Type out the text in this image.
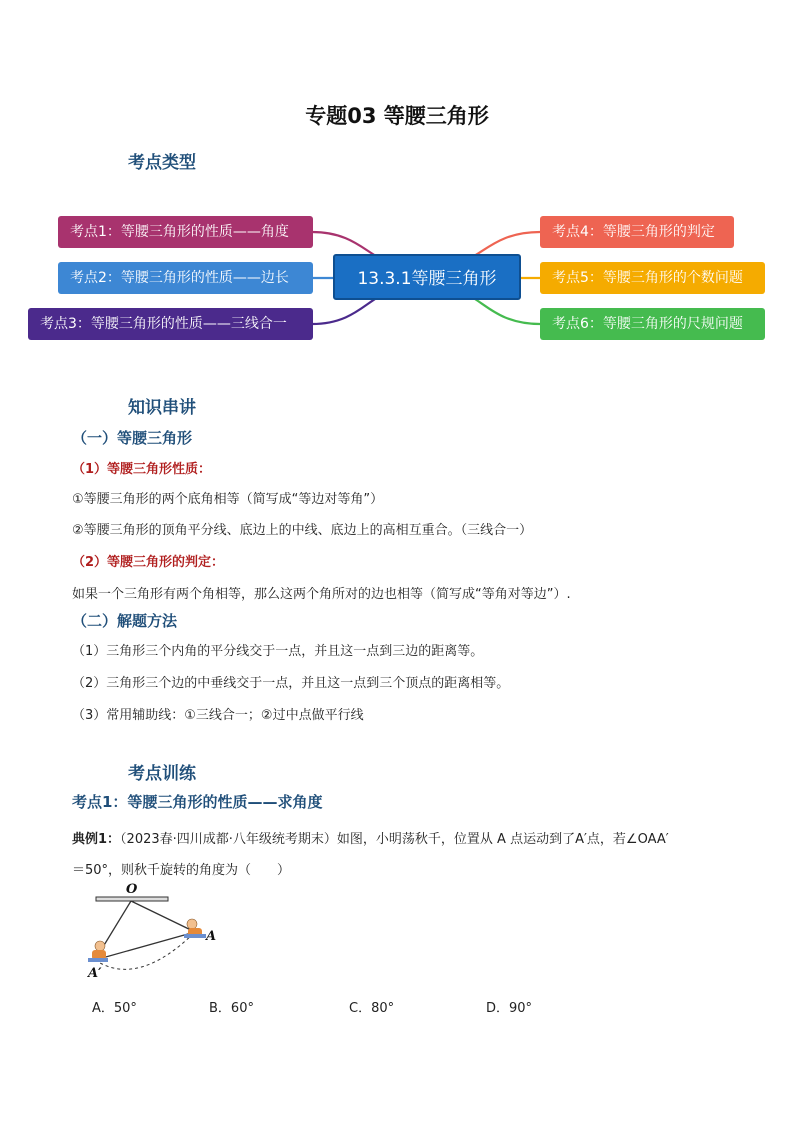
专题03 等腰三角形
考点类型
考点1：等腰三角形的性质——角度
考点2：等腰三角形的性质——边长
考点3：等腰三角形的性质——三线合一
13.3.1等腰三角形
考点4：等腰三角形的判定
考点5：等腰三角形的个数问题
考点6：等腰三角形的尺规问题
知识串讲
（一）等腰三角形
（1）等腰三角形性质：
①等腰三角形的两个底角相等（简写成“等边对等角”）
②等腰三角形的顶角平分线、底边上的中线、底边上的高相互重合。（三线合一）
（2）等腰三角形的判定：
如果一个三角形有两个角相等，那么这两个角所对的边也相等（简写成“等角对等边”）.
（二）解题方法
（1）三角形三个内角的平分线交于一点，并且这一点到三边的距离等。
（2）三角形三个边的中垂线交于一点，并且这一点到三个顶点的距离相等。
（3）常用辅助线：①三线合一；②过中点做平行线
考点训练
考点1：等腰三角形的性质——求角度
典例1：（2023春·四川成都·八年级统考期末）如图，小明荡秋千，位置从 A 点运动到了A′点，若∠OAA′
＝50°，则秋千旋转的角度为（　　）
O
A
A′
A．50°	B．60°	C．80°	D．90°
